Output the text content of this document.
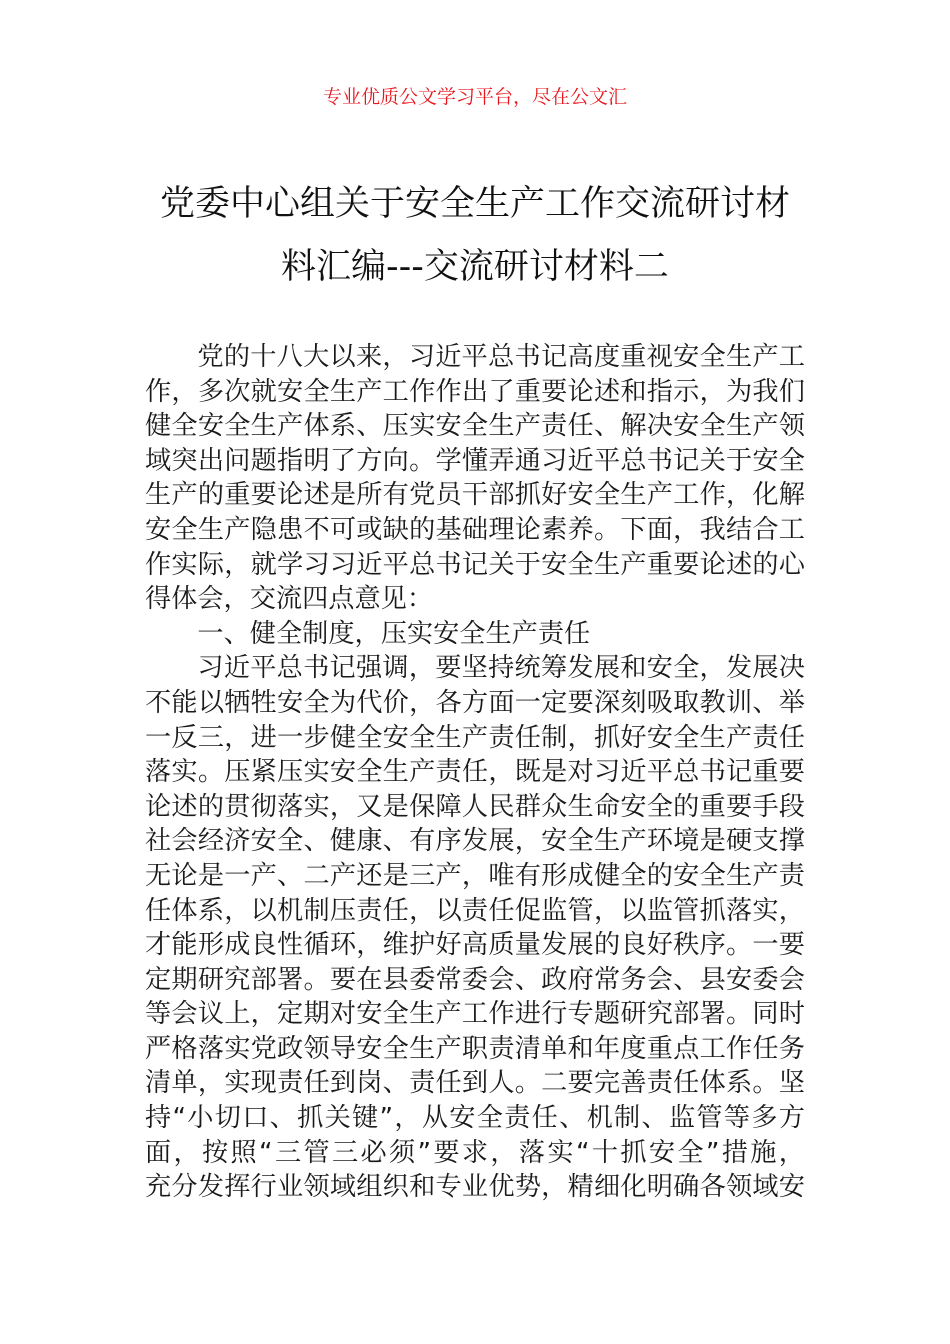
专业优质公文学习平台，尽在公文汇
党委中心组关于安全生产工作交流研讨材
料汇编---交流研讨材料二
党的十八大以来，习近平总书记高度重视安全生产工
作，多次就安全生产工作作出了重要论述和指示，为我们
健全安全生产体系、压实安全生产责任、解决安全生产领
域突出问题指明了方向。学懂弄通习近平总书记关于安全
生产的重要论述是所有党员干部抓好安全生产工作，化解
安全生产隐患不可或缺的基础理论素养。下面，我结合工
作实际，就学习习近平总书记关于安全生产重要论述的心
得体会，交流四点意见：
一、健全制度，压实安全生产责任
习近平总书记强调，要坚持统筹发展和安全，发展决
不能以牺牲安全为代价，各方面一定要深刻吸取教训、举
一反三，进一步健全安全生产责任制，抓好安全生产责任
落实。压紧压实安全生产责任，既是对习近平总书记重要
论述的贯彻落实，又是保障人民群众生命安全的重要手段
社会经济安全、健康、有序发展，安全生产环境是硬支撑
无论是一产、二产还是三产，唯有形成健全的安全生产责
任体系，以机制压责任，以责任促监管，以监管抓落实，
才能形成良性循环，维护好高质量发展的良好秩序。一要
定期研究部署。要在县委常委会、政府常务会、县安委会
等会议上，定期对安全生产工作进行专题研究部署。同时
严格落实党政领导安全生产职责清单和年度重点工作任务
清单，实现责任到岗、责任到人。二要完善责任体系。坚
持“小切口、抓关键”，从安全责任、机制、监管等多方
面，按照“三管三必须”要求，落实“十抓安全”措施，
充分发挥行业领域组织和专业优势，精细化明确各领域安
